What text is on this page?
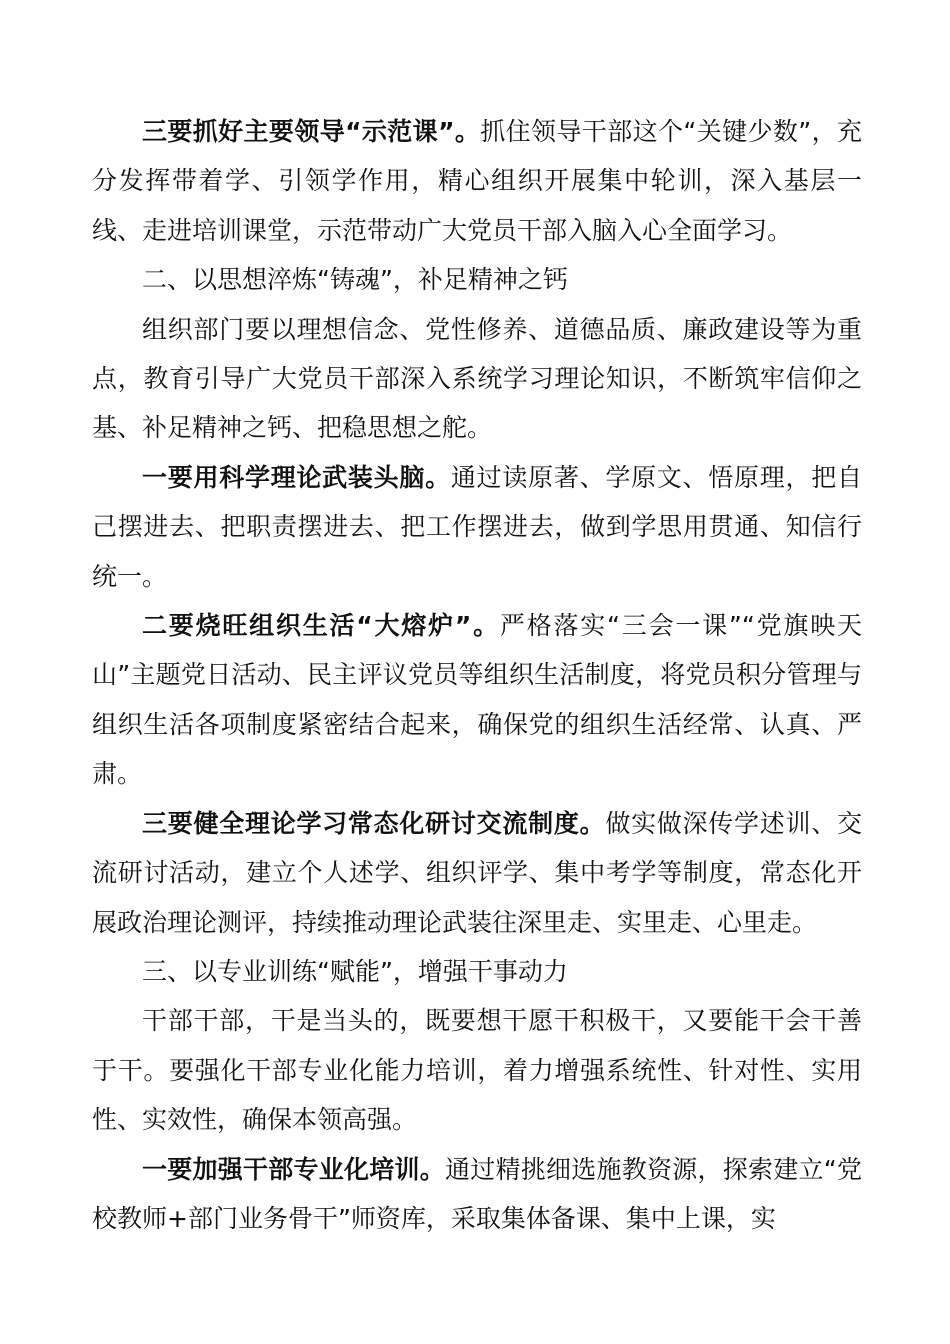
三要抓好主要领导“示范课”。抓住领导干部这个“关键少数”，充分发挥带着学、引领学作用，精心组织开展集中轮训，深入基层一线、走进培训课堂，示范带动广大党员干部入脑入心全面学习。

二、以思想淬炼“铸魂”，补足精神之钙

组织部门要以理想信念、党性修养、道德品质、廉政建设等为重点，教育引导广大党员干部深入系统学习理论知识，不断筑牢信仰之基、补足精神之钙、把稳思想之舵。

一要用科学理论武装头脑。通过读原著、学原文、悟原理，把自己摆进去、把职责摆进去、把工作摆进去，做到学思用贯通、知信行统一。

二要烧旺组织生活“大熔炉”。严格落实“三会一课”“党旗映天山”主题党日活动、民主评议党员等组织生活制度，将党员积分管理与组织生活各项制度紧密结合起来，确保党的组织生活经常、认真、严肃。

三要健全理论学习常态化研讨交流制度。做实做深传学述训、交流研讨活动，建立个人述学、组织评学、集中考学等制度，常态化开展政治理论测评，持续推动理论武装往深里走、实里走、心里走。

三、以专业训练“赋能”，增强干事动力

干部干部，干是当头的，既要想干愿干积极干，又要能干会干善于干。要强化干部专业化能力培训，着力增强系统性、针对性、实用性、实效性，确保本领高强。

一要加强干部专业化培训。通过精挑细选施教资源，探索建立“党校教师+部门业务骨干”师资库，采取集体备课、集中上课，实
